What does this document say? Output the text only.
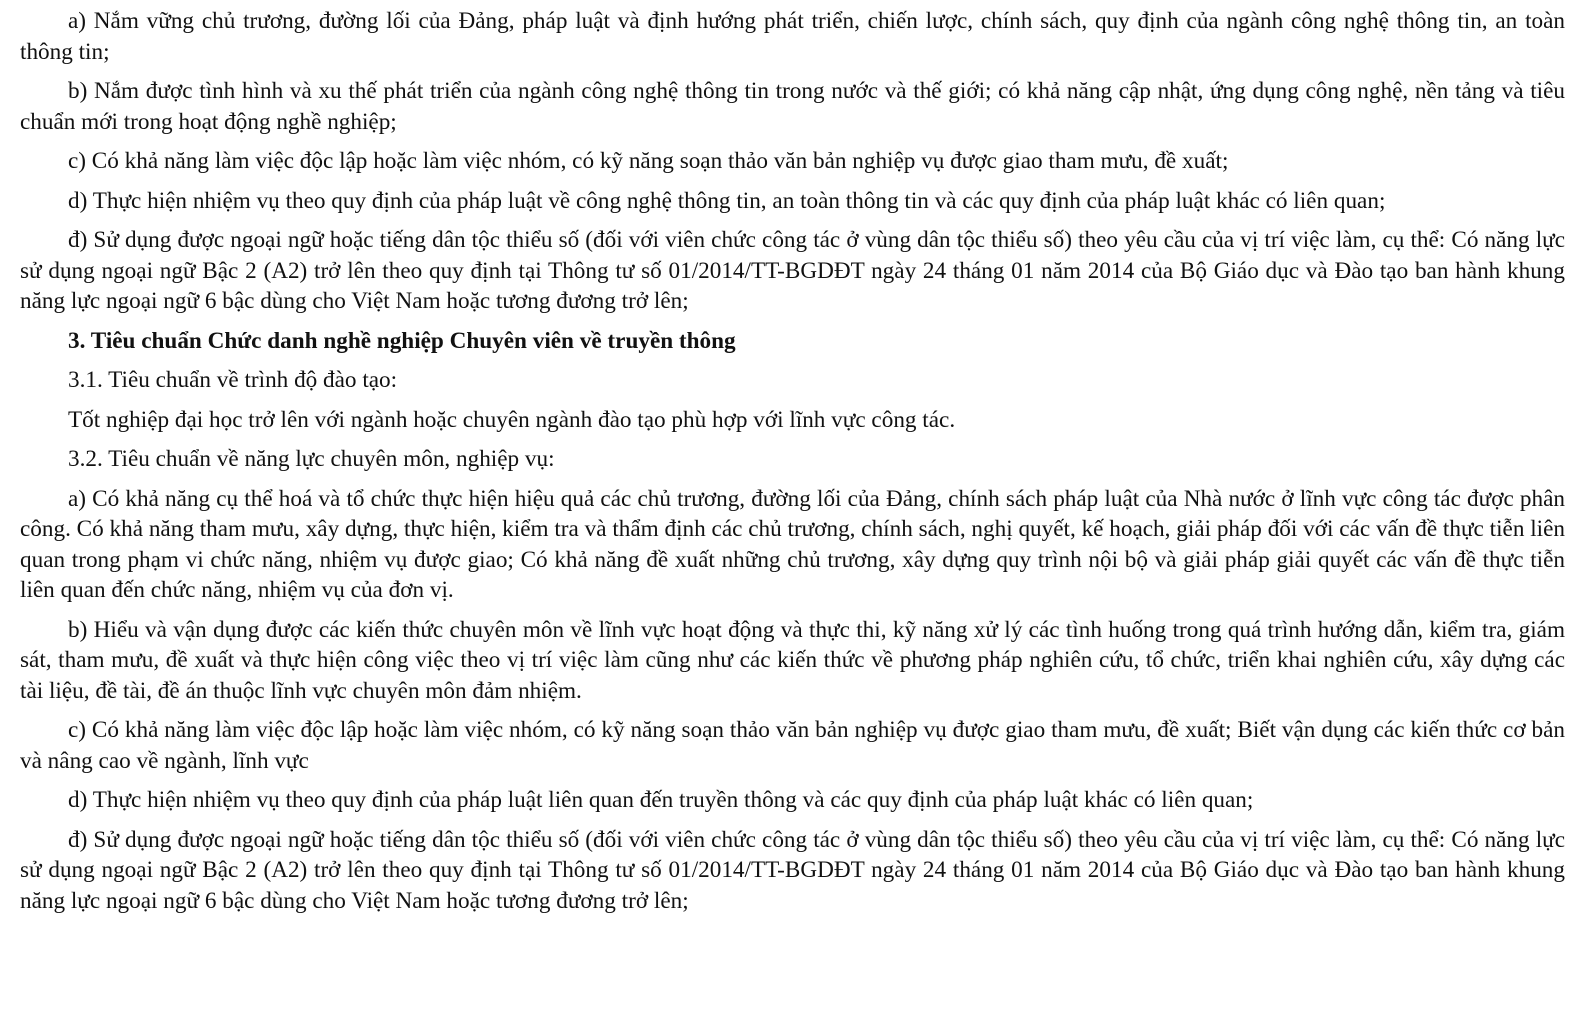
a) Nắm vững chủ trương, đường lối của Đảng, pháp luật và định hướng phát triển, chiến lược, chính sách, quy định của ngành công nghệ thông tin, an toàn thông tin;

b) Nắm được tình hình và xu thế phát triển của ngành công nghệ thông tin trong nước và thế giới; có khả năng cập nhật, ứng dụng công nghệ, nền tảng và tiêu chuẩn mới trong hoạt động nghề nghiệp;

c) Có khả năng làm việc độc lập hoặc làm việc nhóm, có kỹ năng soạn thảo văn bản nghiệp vụ được giao tham mưu, đề xuất;

d) Thực hiện nhiệm vụ theo quy định của pháp luật về công nghệ thông tin, an toàn thông tin và các quy định của pháp luật khác có liên quan;

đ) Sử dụng được ngoại ngữ hoặc tiếng dân tộc thiểu số (đối với viên chức công tác ở vùng dân tộc thiểu số) theo yêu cầu của vị trí việc làm, cụ thể: Có năng lực sử dụng ngoại ngữ Bậc 2 (A2) trở lên theo quy định tại Thông tư số 01/2014/TT-BGDĐT ngày 24 tháng 01 năm 2014 của Bộ Giáo dục và Đào tạo ban hành khung năng lực ngoại ngữ 6 bậc dùng cho Việt Nam hoặc tương đương trở lên;

3. Tiêu chuẩn Chức danh nghề nghiệp Chuyên viên về truyền thông

3.1. Tiêu chuẩn về trình độ đào tạo:

Tốt nghiệp đại học trở lên với ngành hoặc chuyên ngành đào tạo phù hợp với lĩnh vực công tác.

3.2. Tiêu chuẩn về năng lực chuyên môn, nghiệp vụ:

a) Có khả năng cụ thể hoá và tổ chức thực hiện hiệu quả các chủ trương, đường lối của Đảng, chính sách pháp luật của Nhà nước ở lĩnh vực công tác được phân công. Có khả năng tham mưu, xây dựng, thực hiện, kiểm tra và thẩm định các chủ trương, chính sách, nghị quyết, kế hoạch, giải pháp đối với các vấn đề thực tiễn liên quan trong phạm vi chức năng, nhiệm vụ được giao; Có khả năng đề xuất những chủ trương, xây dựng quy trình nội bộ và giải pháp giải quyết các vấn đề thực tiễn liên quan đến chức năng, nhiệm vụ của đơn vị.

b) Hiểu và vận dụng được các kiến thức chuyên môn về lĩnh vực hoạt động và thực thi, kỹ năng xử lý các tình huống trong quá trình hướng dẫn, kiểm tra, giám sát, tham mưu, đề xuất và thực hiện công việc theo vị trí việc làm cũng như các kiến thức về phương pháp nghiên cứu, tổ chức, triển khai nghiên cứu, xây dựng các tài liệu, đề tài, đề án thuộc lĩnh vực chuyên môn đảm nhiệm.

c) Có khả năng làm việc độc lập hoặc làm việc nhóm, có kỹ năng soạn thảo văn bản nghiệp vụ được giao tham mưu, đề xuất; Biết vận dụng các kiến thức cơ bản và nâng cao về ngành, lĩnh vực

d) Thực hiện nhiệm vụ theo quy định của pháp luật liên quan đến truyền thông và các quy định của pháp luật khác có liên quan;

đ) Sử dụng được ngoại ngữ hoặc tiếng dân tộc thiểu số (đối với viên chức công tác ở vùng dân tộc thiểu số) theo yêu cầu của vị trí việc làm, cụ thể: Có năng lực sử dụng ngoại ngữ Bậc 2 (A2) trở lên theo quy định tại Thông tư số 01/2014/TT-BGDĐT ngày 24 tháng 01 năm 2014 của Bộ Giáo dục và Đào tạo ban hành khung năng lực ngoại ngữ 6 bậc dùng cho Việt Nam hoặc tương đương trở lên;
